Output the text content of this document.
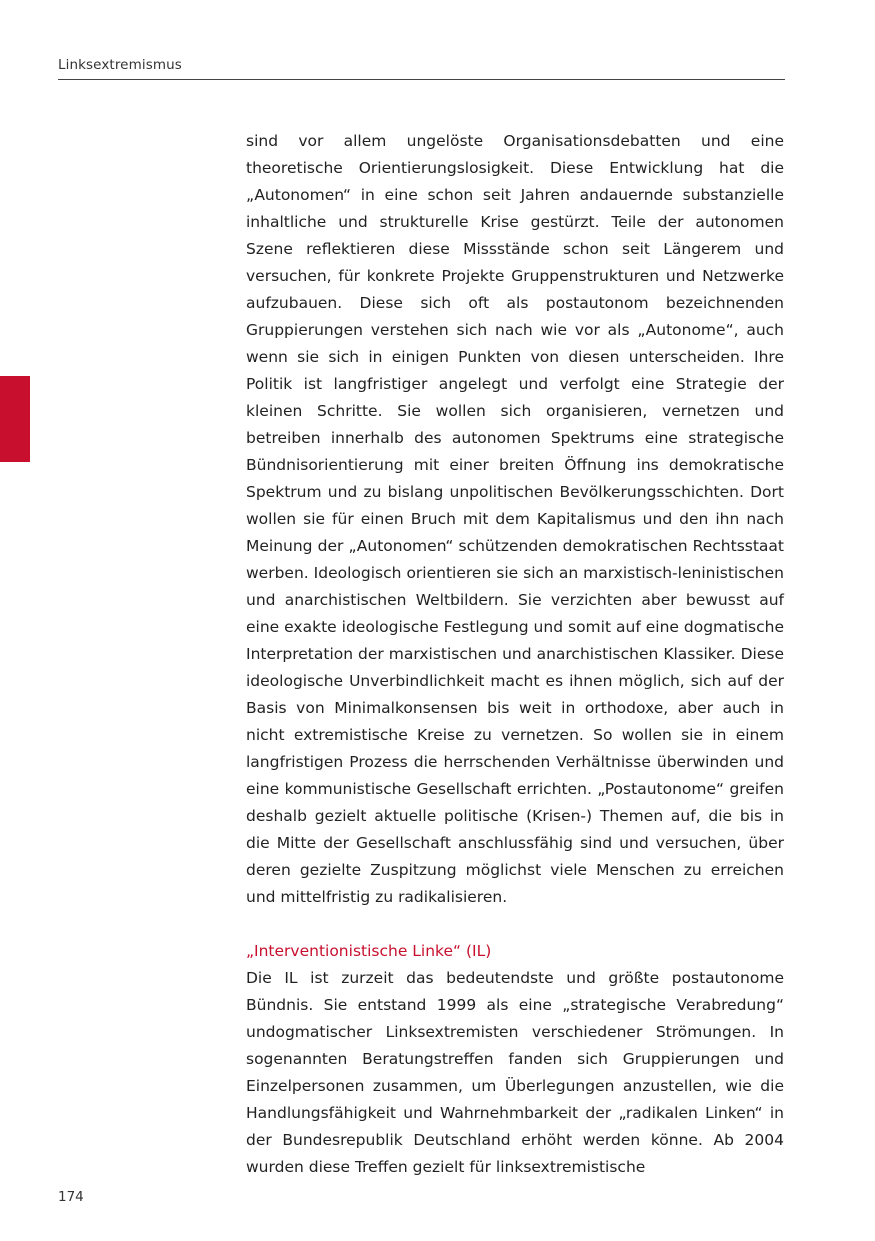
Linksextremismus

sind vor allem ungelöste Organisationsdebatten und eine theoretische Orientierungslosigkeit. Diese Entwicklung hat die „Autonomen“ in eine schon seit Jahren andauernde substanzielle inhaltliche und strukturelle Krise gestürzt. Teile der autonomen Szene reflektieren diese Missstände schon seit Längerem und versuchen, für konkrete Projekte Gruppenstrukturen und Netzwerke aufzubauen. Diese sich oft als postautonom bezeichnenden Gruppierungen verstehen sich nach wie vor als „Autonome“, auch wenn sie sich in einigen Punkten von diesen unterscheiden. Ihre Politik ist langfristiger angelegt und verfolgt eine Strategie der kleinen Schritte. Sie wollen sich organisieren, vernetzen und betreiben innerhalb des autonomen Spektrums eine strategische Bündnisorientierung mit einer breiten Öffnung ins demokratische Spektrum und zu bislang unpolitischen Bevölkerungsschichten. Dort wollen sie für einen Bruch mit dem Kapitalismus und den ihn nach Meinung der „Autonomen“ schützenden demokratischen Rechtsstaat werben. Ideologisch orientieren sie sich an marxistisch-leninistischen und anarchistischen Weltbildern. Sie verzichten aber bewusst auf eine exakte ideologische Festlegung und somit auf eine dogmatische Interpretation der marxistischen und anarchistischen Klassiker. Diese ideologische Unverbindlichkeit macht es ihnen möglich, sich auf der Basis von Minimalkonsensen bis weit in orthodoxe, aber auch in nicht extremistische Kreise zu vernetzen. So wollen sie in einem langfristigen Prozess die herrschenden Verhältnisse überwinden und eine kommunistische Gesellschaft errichten. „Postautonome“ greifen deshalb gezielt aktuelle politische (Krisen-) Themen auf, die bis in die Mitte der Gesellschaft anschlussfähig sind und versuchen, über deren gezielte Zuspitzung möglichst viele Menschen zu erreichen und mittelfristig zu radikalisieren.

„Interventionistische Linke“ (IL)

Die IL ist zurzeit das bedeutendste und größte postautonome Bündnis. Sie entstand 1999 als eine „strategische Verabredung“ undogmatischer Linksextremisten verschiedener Strömungen. In sogenannten Beratungstreffen fanden sich Gruppierungen und Einzelpersonen zusammen, um Überlegungen anzustellen, wie die Handlungsfähigkeit und Wahrnehmbarkeit der „radikalen Linken“ in der Bundesrepublik Deutschland erhöht werden könne. Ab 2004 wurden diese Treffen gezielt für linksextremistische

174
